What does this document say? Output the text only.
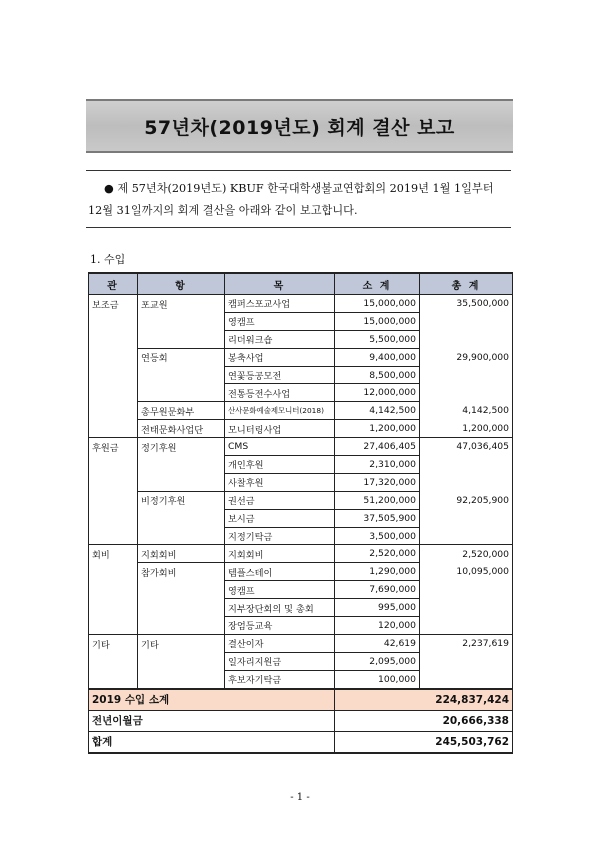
57년차(2019년도) 회계 결산 보고
● 제 57년차(2019년도) KBUF 한국대학생불교연합회의 2019년 1월 1일부터
12월 31일까지의 회계 결산을 아래와 같이 보고합니다.
1. 수입
관	항	목	소 계	총 계
보조금	포교원	캠퍼스포교사업	15,000,000	35,500,000
		영캠프	15,000,000	
		리더워크숍	5,500,000	
	연등회	봉축사업	9,400,000	29,900,000
		연꽃등공모전	8,500,000	
		전통등전수사업	12,000,000	
	총무원문화부	산사문화예술제모니터(2018)	4,142,500	4,142,500
	전태문화사업단	모니터링사업	1,200,000	1,200,000
후원금	정기후원	CMS	27,406,405	47,036,405
		개인후원	2,310,000	
		사찰후원	17,320,000	
	비정기후원	권선금	51,200,000	92,205,900
		보시금	37,505,900	
		지정기탁금	3,500,000	
회비	지회회비	지회회비	2,520,000	2,520,000
	참가회비	템플스테이	1,290,000	10,095,000
		영캠프	7,690,000	
		지부장단회의 및 총회	995,000	
		장엄등교육	120,000	
기타	기타	결산이자	42,619	2,237,619
		일자리지원금	2,095,000	
		후보자기탁금	100,000	
2019 수입 소계			224,837,424	
전년이월금			20,666,338	
합계			245,503,762	
- 1 -
